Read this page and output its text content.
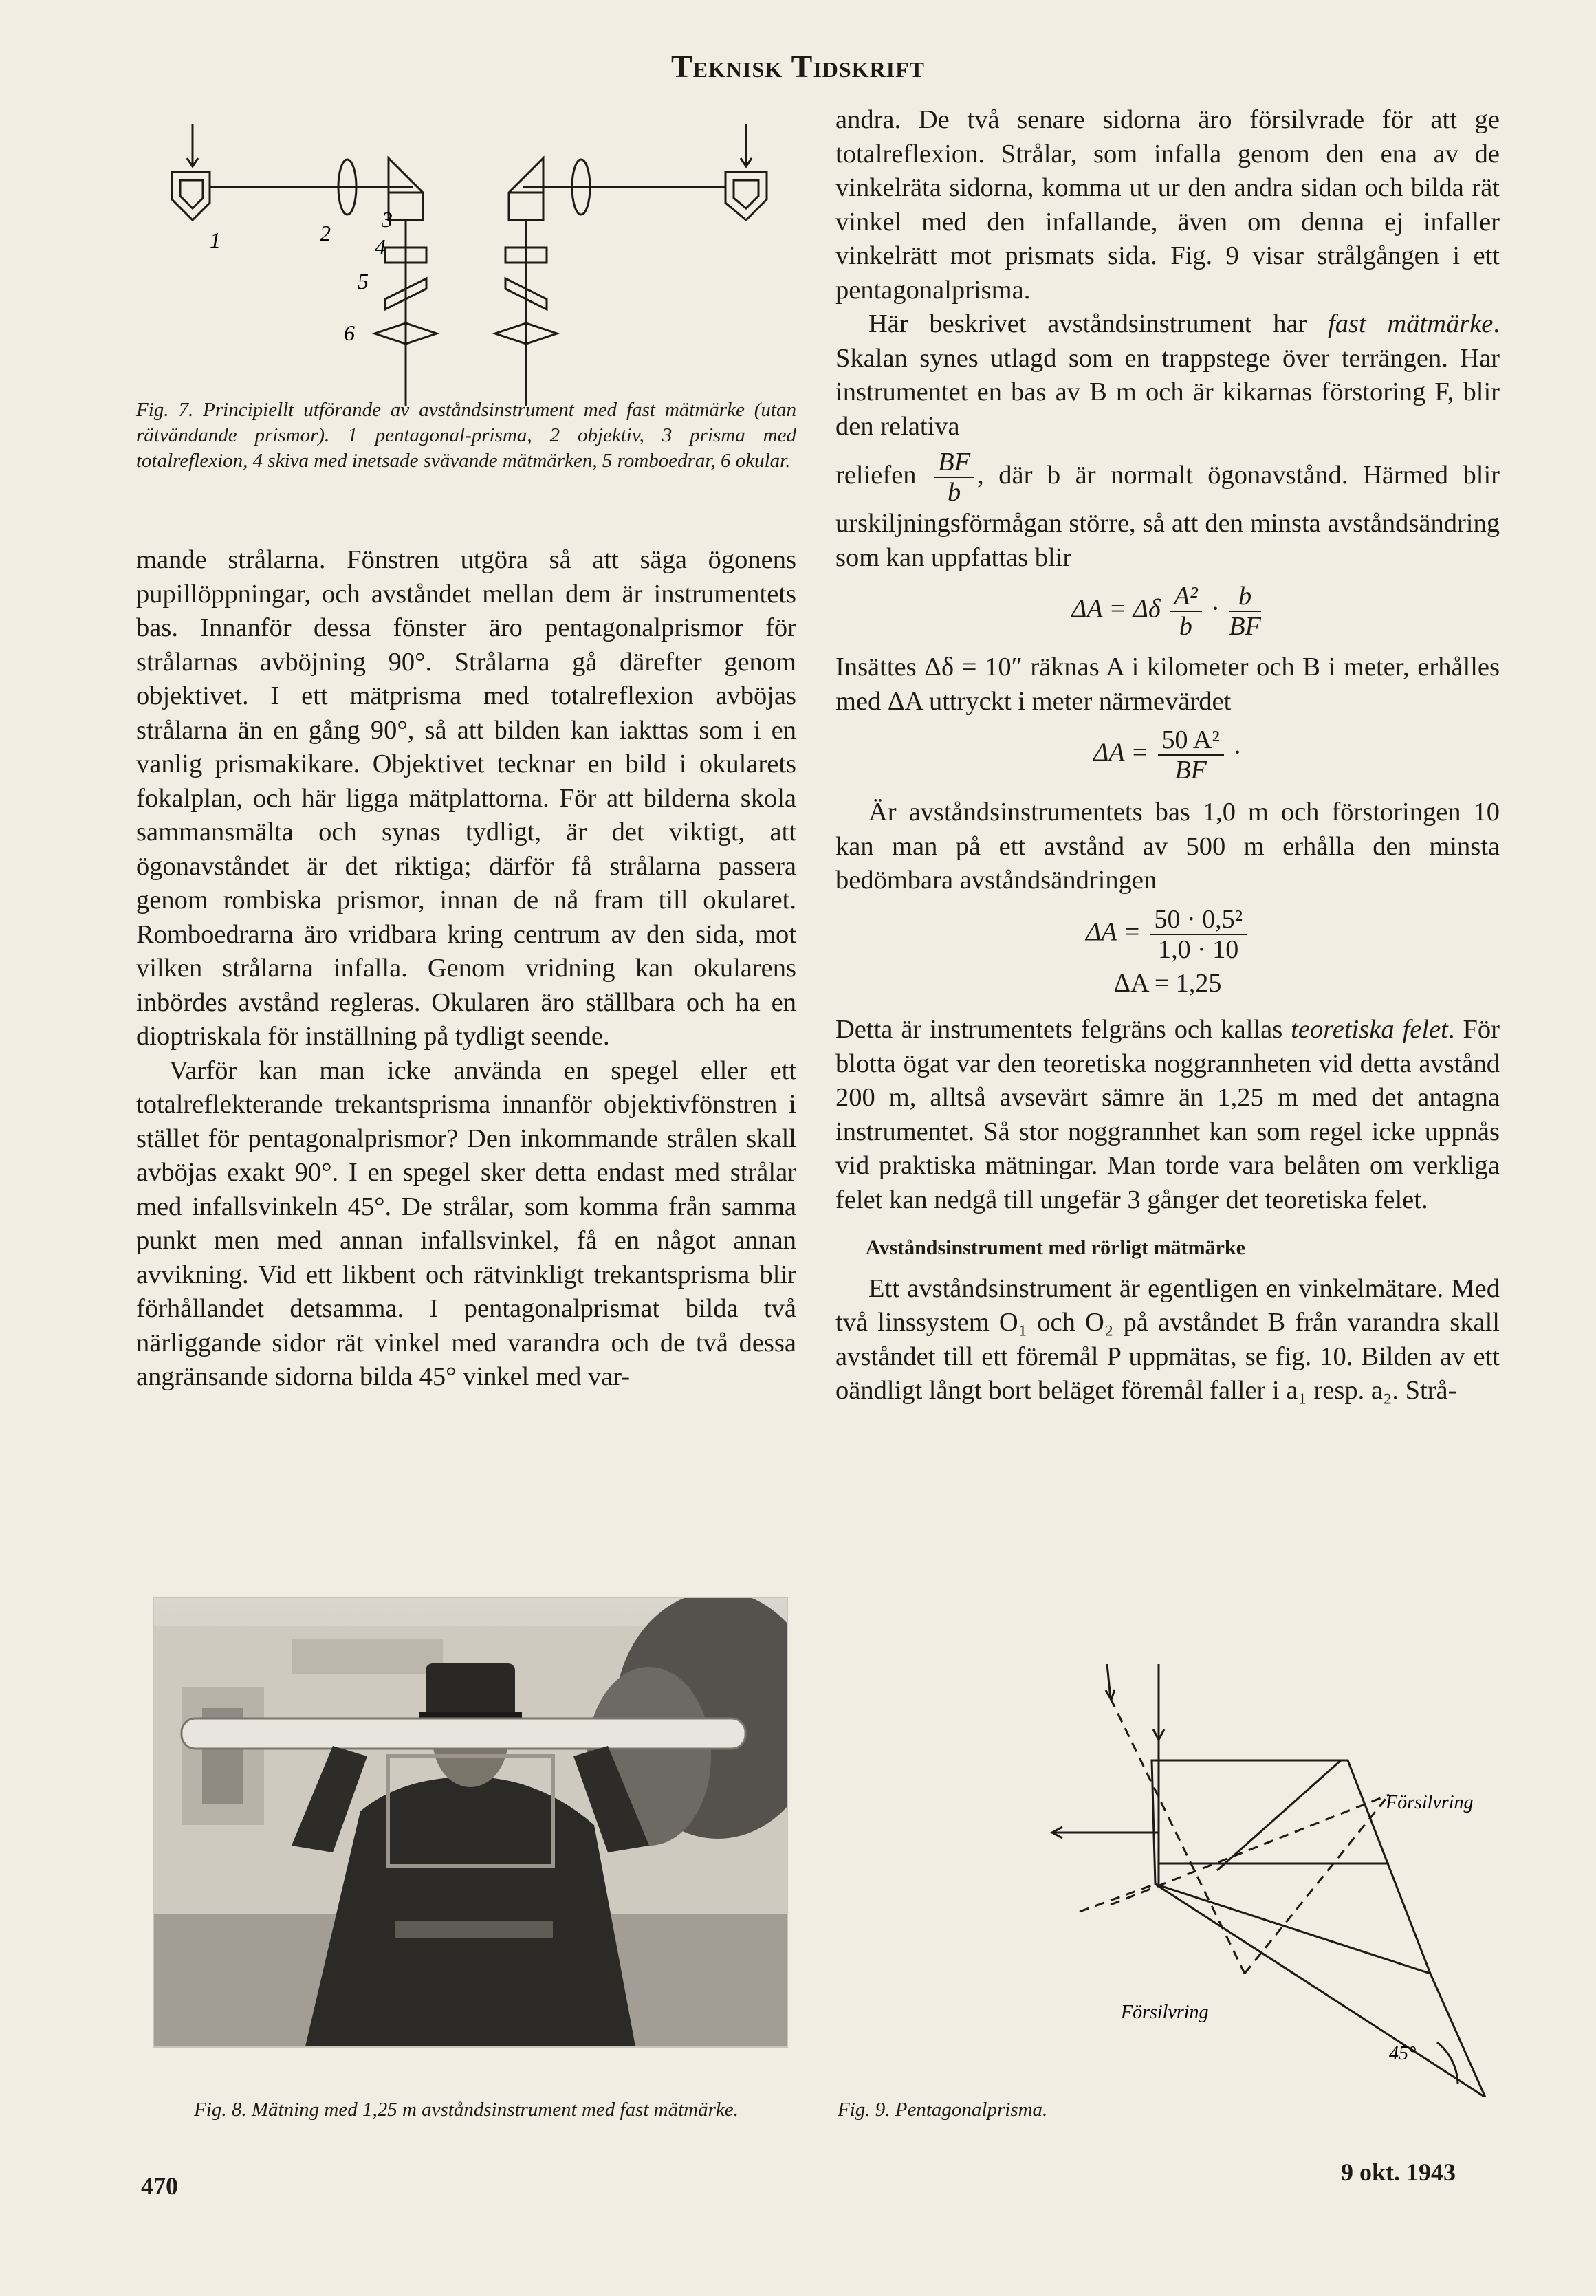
Teknisk Tidskrift
1	2
3
4
5
6
Fig. 7. Principiellt utförande av avståndsinstrument med fast mätmärke (utan rätvändande prismor). 1 pentagonal-prisma, 2 objektiv, 3 prisma med totalreflexion, 4 skiva med inetsade svävande mätmärken, 5 romboedrar, 6 okular.

mande strålarna. Fönstren utgöra så att säga ögonens pupillöppningar, och avståndet mellan dem är instrumentets bas. Innanför dessa fönster äro pentagonalprismor för strålarnas avböjning 90°. Strålarna gå därefter genom objektivet. I ett mätprisma med totalreflexion avböjas strålarna än en gång 90°, så att bilden kan iakttas som i en vanlig prismakikare. Objektivet tecknar en bild i okularets fokalplan, och här ligga mätplattorna. För att bilderna skola sammansmälta och synas tydligt, är det viktigt, att ögonavståndet är det riktiga; därför få strålarna passera genom rombiska prismor, innan de nå fram till okularet. Romboedrarna äro vridbara kring centrum av den sida, mot vilken strålarna infalla. Genom vridning kan okularens inbördes avstånd regleras. Okularen äro ställbara och ha en dioptriskala för inställning på tydligt seende.

Varför kan man icke använda en spegel eller ett totalreflekterande trekantsprisma innanför objektivfönstren i stället för pentagonalprismor? Den inkommande strålen skall avböjas exakt 90°. I en spegel sker detta endast med strålar med infallsvinkeln 45°. De strålar, som komma från samma punkt men med annan infallsvinkel, få en något annan avvikning. Vid ett likbent och rätvinkligt trekantsprisma blir förhållandet detsamma. I pentagonalprismat bilda två närliggande sidor rät vinkel med varandra och de två dessa angränsande sidorna bilda 45° vinkel med var-

Fig. 8. Mätning med 1,25 m avståndsinstrument med fast mätmärke.

andra. De två senare sidorna äro försilvrade för att ge totalreflexion. Strålar, som infalla genom den ena av de vinkelräta sidorna, komma ut ur den andra sidan och bilda rät vinkel med den infallande, även om denna ej infaller vinkelrätt mot prismats sida. Fig. 9 visar strålgången i ett pentagonalprisma.

Här beskrivet avståndsinstrument har fast mätmärke. Skalan synes utlagd som en trappstege över terrängen. Har instrumentet en bas av B m och är kikarnas förstoring F, blir den relativa

reliefen $\frac{BF}{b}$ , där b är normalt ögonavstånd. Härmed blir urskiljningsförmågan större, så att den minsta avståndsändring som kan uppfattas blir

ΔA = Δδ $\frac{\text{A²}}{b} \cdot \frac{b}{BF}$

Insättes Δδ = 10″ räknas A i kilometer och B i meter, erhålles med ΔA uttryckt i meter närmevärdet

$\Delta A = \frac{\text{50 A²}}{BF}$ ·

Är avståndsinstrumentets bas 1,0 m och förstoringen 10 kan man på ett avstånd av 500 m erhålla den minsta bedömbara avståndsändringen

$\Delta A = \frac{\text{50 · 0,5²}}{1,0 \cdot 10}$
ΔA = 1,25

Detta är instrumentets felgräns och kallas teoretiska felet. För blotta ögat var den teoretiska noggrannheten vid detta avstånd 200 m, alltså avsevärt sämre än 1,25 m med det antagna instrumentet. Så stor noggrannhet kan som regel icke uppnås vid praktiska mätningar. Man torde vara belåten om verkliga felet kan nedgå till ungefär 3 gånger det teoretiska felet.

Avståndsinstrument med rörligt mätmärke

Ett avståndsinstrument är egentligen en vinkelmätare. Med två linssystem O₁ och O₂ på avståndet B från varandra skall avståndet till ett föremål P uppmätas, se fig. 10. Bilden av ett oändligt långt bort beläget föremål faller i a₁ resp. a₂. Strå-

Försilvring
Försilvring
45°
Fig. 9. Pentagonalprisma.
470	9 okt. 1943
